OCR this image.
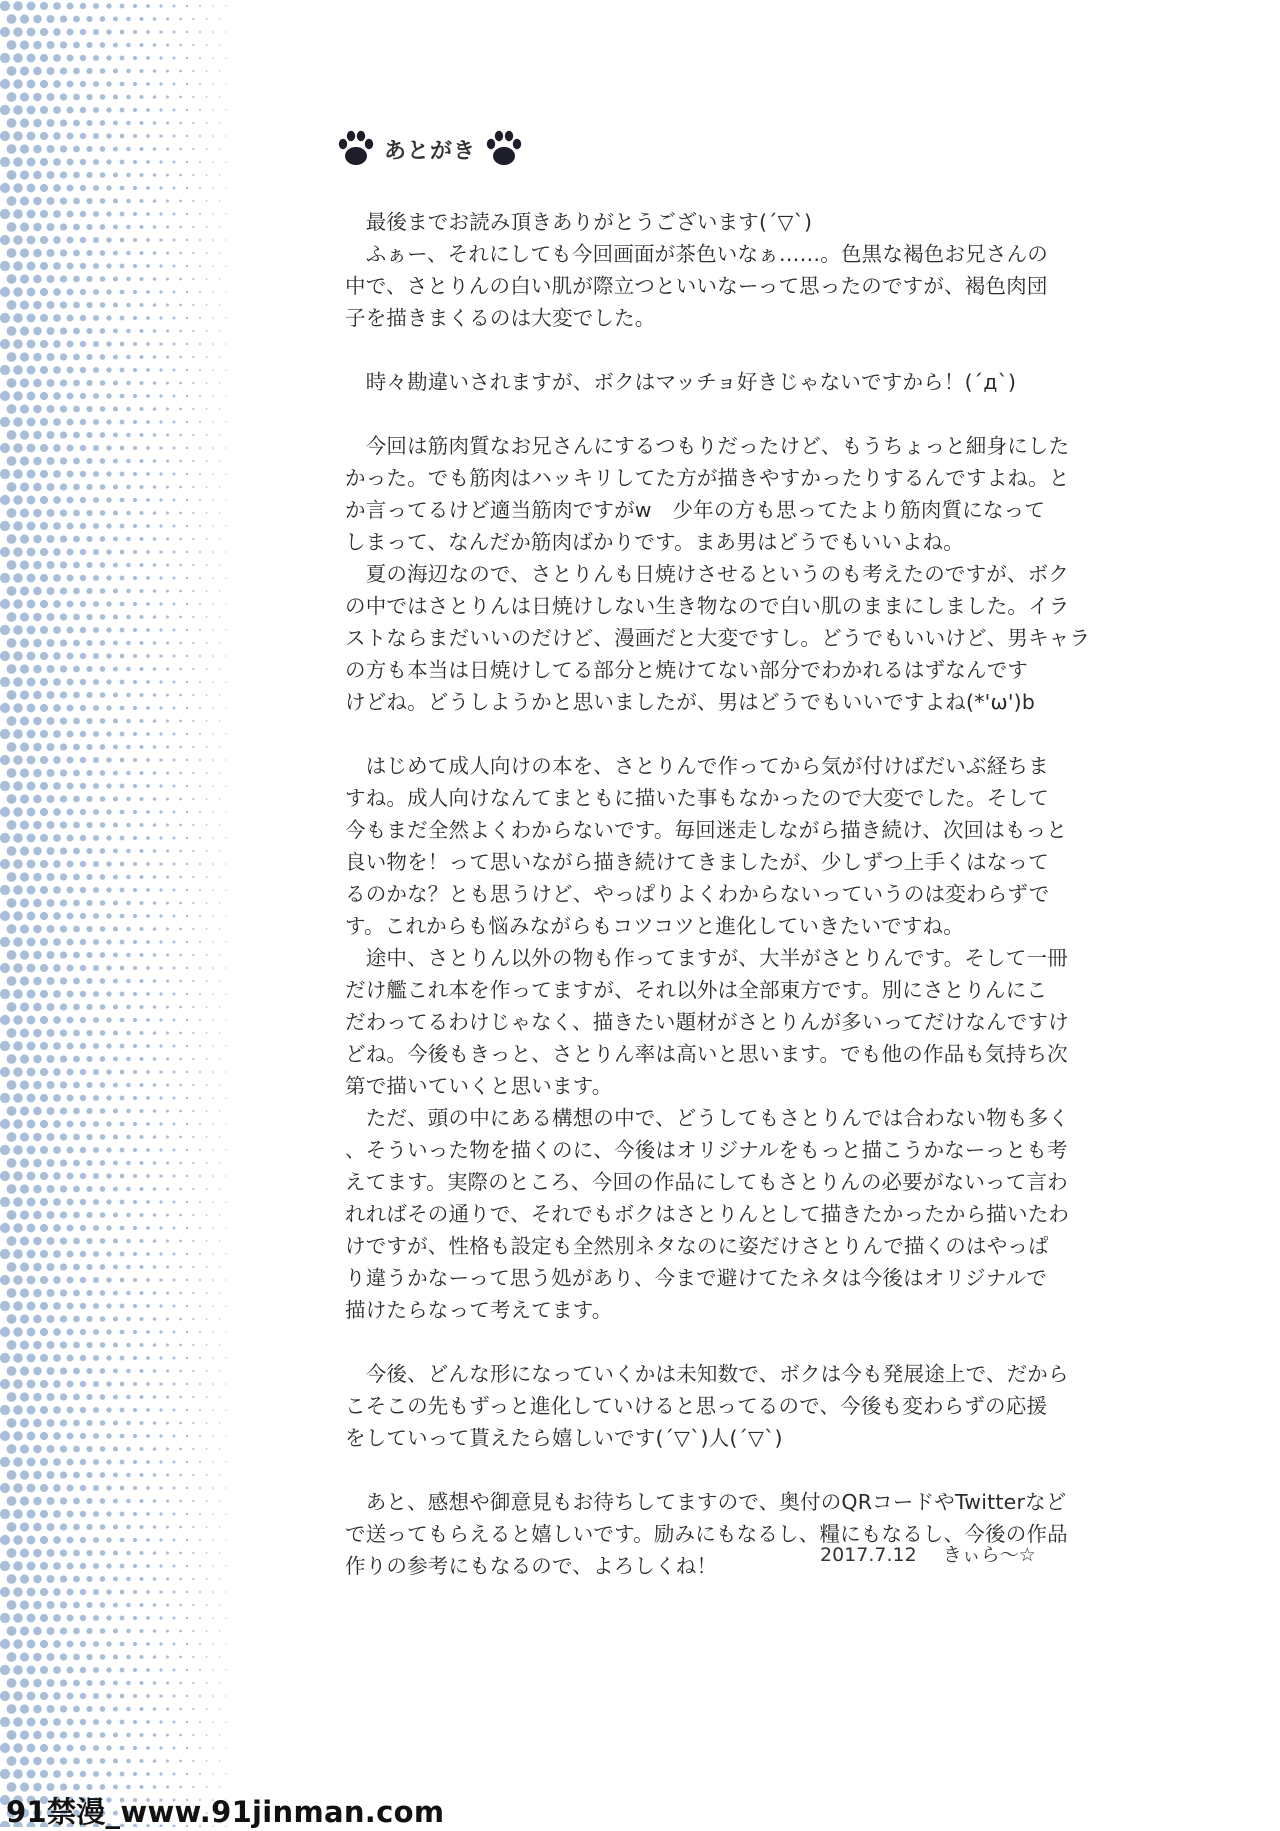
あとがき
　最後までお読み頂きありがとうございます(´▽`)
　ふぁー、それにしても今回画面が茶色いなぁ……。色黒な褐色お兄さんの
中で、さとりんの白い肌が際立つといいなーって思ったのですが、褐色肉団
子を描きまくるのは大変でした。
　時々勘違いされますが、ボクはマッチョ好きじゃないですから！(´д`)
　今回は筋肉質なお兄さんにするつもりだったけど、もうちょっと細身にした
かった。でも筋肉はハッキリしてた方が描きやすかったりするんですよね。と
か言ってるけど適当筋肉ですがw　少年の方も思ってたより筋肉質になって
しまって、なんだか筋肉ばかりです。まあ男はどうでもいいよね。
　夏の海辺なので、さとりんも日焼けさせるというのも考えたのですが、ボク
の中ではさとりんは日焼けしない生き物なので白い肌のままにしました。イラ
ストならまだいいのだけど、漫画だと大変ですし。どうでもいいけど、男キャラ
の方も本当は日焼けしてる部分と焼けてない部分でわかれるはずなんです
けどね。どうしようかと思いましたが、男はどうでもいいですよね(*'ω')b
　はじめて成人向けの本を、さとりんで作ってから気が付けばだいぶ経ちま
すね。成人向けなんてまともに描いた事もなかったので大変でした。そして
今もまだ全然よくわからないです。毎回迷走しながら描き続け、次回はもっと
良い物を！って思いながら描き続けてきましたが、少しずつ上手くはなって
るのかな？とも思うけど、やっぱりよくわからないっていうのは変わらずで
す。これからも悩みながらもコツコツと進化していきたいですね。
　途中、さとりん以外の物も作ってますが、大半がさとりんです。そして一冊
だけ艦これ本を作ってますが、それ以外は全部東方です。別にさとりんにこ
だわってるわけじゃなく、描きたい題材がさとりんが多いってだけなんですけ
どね。今後もきっと、さとりん率は高いと思います。でも他の作品も気持ち次
第で描いていくと思います。
　ただ、頭の中にある構想の中で、どうしてもさとりんでは合わない物も多く
、そういった物を描くのに、今後はオリジナルをもっと描こうかなーっとも考
えてます。実際のところ、今回の作品にしてもさとりんの必要がないって言わ
れればその通りで、それでもボクはさとりんとして描きたかったから描いたわ
けですが、性格も設定も全然別ネタなのに姿だけさとりんで描くのはやっぱ
り違うかなーって思う処があり、今まで避けてたネタは今後はオリジナルで
描けたらなって考えてます。
　今後、どんな形になっていくかは未知数で、ボクは今も発展途上で、だから
こそこの先もずっと進化していけると思ってるので、今後も変わらずの応援
をしていって貰えたら嬉しいです(´▽`)人(´▽`)
　あと、感想や御意見もお待ちしてますので、奥付のQRコードやTwitterなど
で送ってもらえると嬉しいです。励みにもなるし、糧にもなるし、今後の作品
作りの参考にもなるので、よろしくね！	2017.7.12 きぃら～☆
91禁漫_www.91jinman.com
